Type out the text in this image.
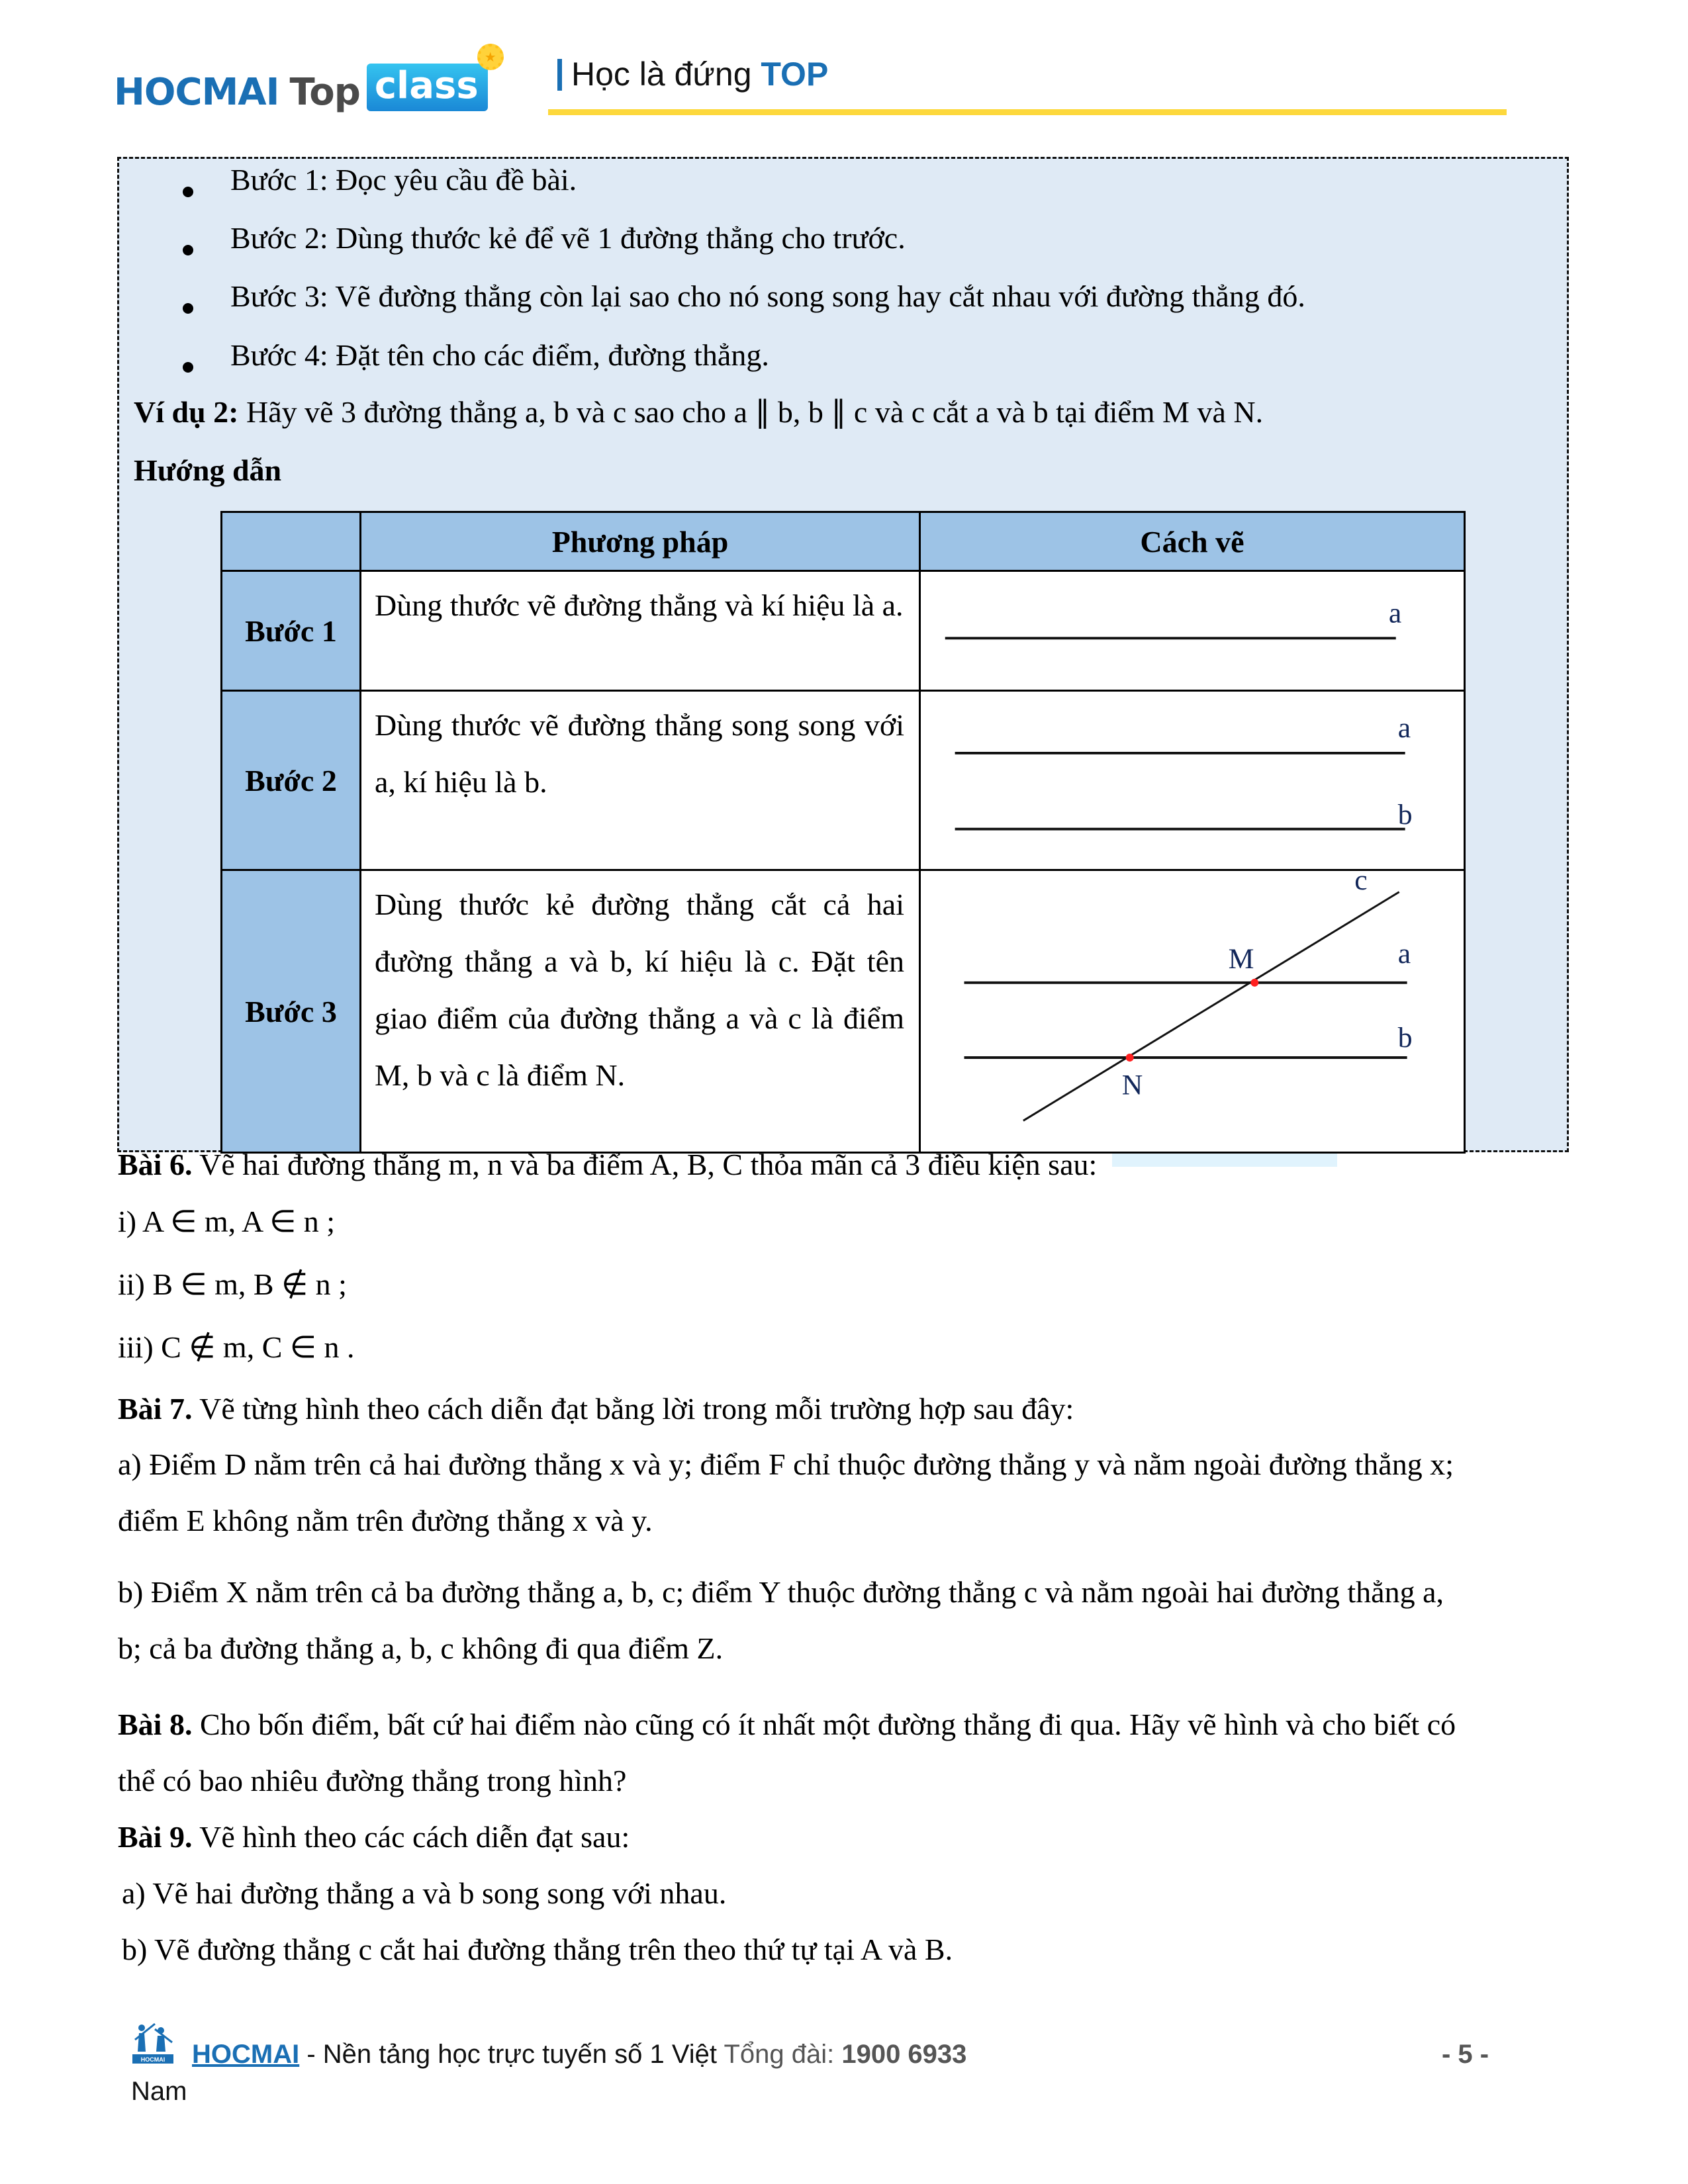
HOCMAI Top class
★	Học là đứng TOP
Bước 1: Đọc yêu cầu đề bài.
Bước 2: Dùng thước kẻ để vẽ 1 đường thẳng cho trước.
Bước 3: Vẽ đường thẳng còn lại sao cho nó song song hay cắt nhau với đường thẳng đó.
Bước 4: Đặt tên cho các điểm, đường thẳng.
Ví dụ 2: Hãy vẽ 3 đường thẳng a, b và c sao cho a ∥ b, b ∥ c và c cắt a và b tại điểm M và N.
Hướng dẫn
	Phương pháp	Cách vẽ
Bước 1	Dùng thước vẽ đường thẳng và kí hiệu là a.	a

Bước 2	Dùng thước vẽ đường thẳng song song với a, kí hiệu là b.	a
b

Bước 3	Dùng thước kẻ đường thẳng cắt cả hai đường thẳng a và b, kí hiệu là c. Đặt tên giao điểm của đường thẳng a và c là điểm M, b và c là điểm N.	c
M a
b
N
Bài 6. Vẽ hai đường thẳng m, n và ba điểm A, B, C thỏa mãn cả 3 điều kiện sau:
i) A ∈ m, A ∈ n ;
ii) B ∈ m, B ∉ n ;
iii) C ∉ m, C ∈ n .
Bài 7. Vẽ từng hình theo cách diễn đạt bằng lời trong mỗi trường hợp sau đây:
a) Điểm D nằm trên cả hai đường thẳng x và y; điểm F chỉ thuộc đường thẳng y và nằm ngoài đường thẳng x;
điểm E không nằm trên đường thẳng x và y.
b) Điểm X nằm trên cả ba đường thẳng a, b, c; điểm Y thuộc đường thẳng c và nằm ngoài hai đường thẳng a,
b; cả ba đường thẳng a, b, c không đi qua điểm Z.
Bài 8. Cho bốn điểm, bất cứ hai điểm nào cũng có ít nhất một đường thẳng đi qua. Hãy vẽ hình và cho biết có
thể có bao nhiêu đường thẳng trong hình?
Bài 9. Vẽ hình theo các cách diễn đạt sau:
a) Vẽ hai đường thẳng a và b song song với nhau.
b) Vẽ đường thẳng c cắt hai đường thẳng trên theo thứ tự tại A và B.
HOCMAI HOCMAI - Nền tảng học trực tuyến số 1 Việt Tổng đài: 1900 6933	- 5 -
Nam
